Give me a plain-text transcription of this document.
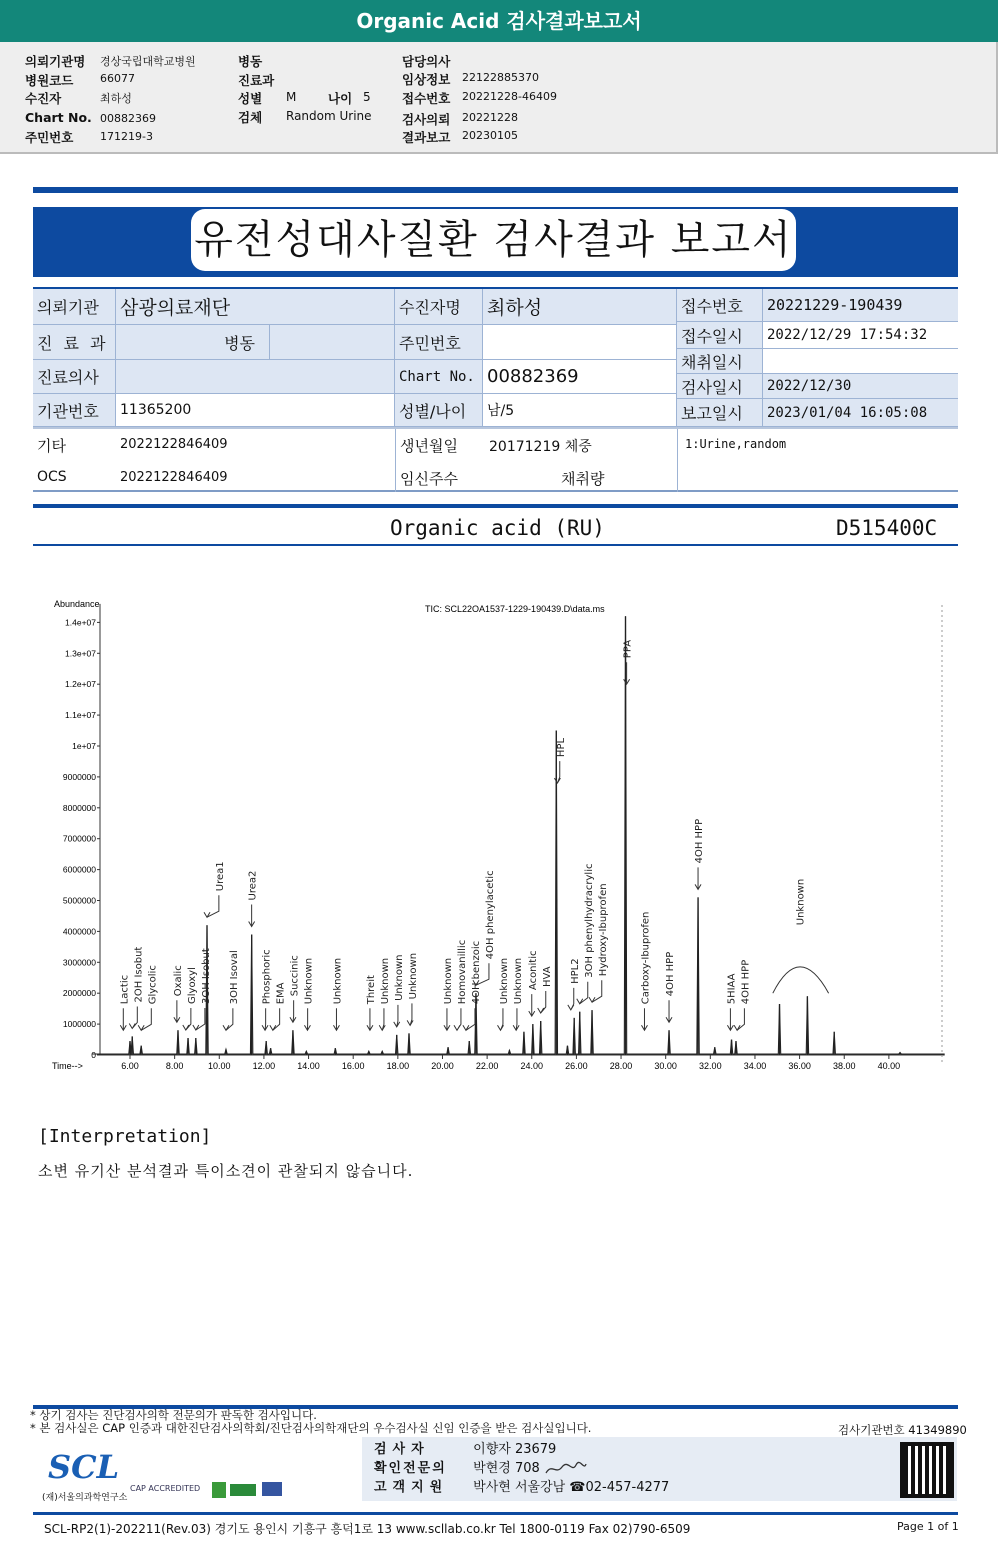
Organic Acid 검사결과보고서
의뢰기관명 경상국립대학교병원
병원코드 66077
수진자	최하성
Chart No. 00882369
주민번호 171219-3
병동
진료과
성별 M	나이 5
검체 Random Urine
담당의사
임상정보 22122885370
접수번호 20221228-46409
검사의뢰 20221228
결과보고 20230105
유전성대사질환 검사결과 보고서
의뢰기관	삼광의료재단	수진자명	최하성
진 료 과	병동	주민번호
진료의사	Chart No. 00882369
기관번호	11365200	성별/나이	남/5
접수번호	20221229-190439
접수일시	2022/12/29 17:54:32
채취일시
검사일시	2022/12/30
보고일시	2023/01/04 16:05:08
기타	2022122846409
OCS	2022122846409
생년월일 20171219 체중
임신주수	채취량
1:Urine,random
Organic acid (RU)	D515400C
Abundance	TIC: SCL22OA1537-1229-190439.D\data.ms
Time-->
0
1000000
2000000
3000000
4000000
5000000
6000000
7000000
8000000
9000000
1e+07
1.1e+07
1.2e+07
1.3e+07
1.4e+07
6.00	8.00	10.00 12.00 14.00 16.00 18.00 20.00 22.00 24.00 26.00 28.00 30.00 32.00 34.00 36.00 38.00 40.00
Lactic 2OH Isobut Glycolic Oxalic Glyoxyl 3OH Isobut
Urea1
3OH Isoval
Urea2
Phosphoric EMA Succinic Unknown Unknown Threit Unknown Unknown Unknown Unknown Homovanillic 4OH benzoic
4OH phenylacetic
Unknown Unknown Aconitic HVA
HPL
HPL2 3OH phenylhydracrylic Hydroxy-Ibuprofen
PPA
Carboxy-Ibuprofen 4OH HPP
4OH HPP
5HIAA 4OH HPP
Unknown
[Interpretation]
소변 유기산 분석결과 특이소견이 관찰되지 않습니다.
* 상기 검사는 진단검사의학 전문의가 판독한 검사입니다.
* 본 검사실은 CAP 인증과 대한진단검사의학회/진단검사의학재단의 우수검사실 신임 인증을 받은 검사실입니다.	검사기관번호 41349890
SCL
(재)서울의과학연구소
CAP ACCREDITED
검사자	이향자 23679
확인전문의 박현경 708
고객지원 박사현 서울강남 ☎02-457-4277
SCL-RP2(1)-202211(Rev.03) 경기도 용인시 기흥구 흥덕1로 13 www.scllab.co.kr Tel 1800-0119 Fax 02)790-6509	Page 1 of 1
